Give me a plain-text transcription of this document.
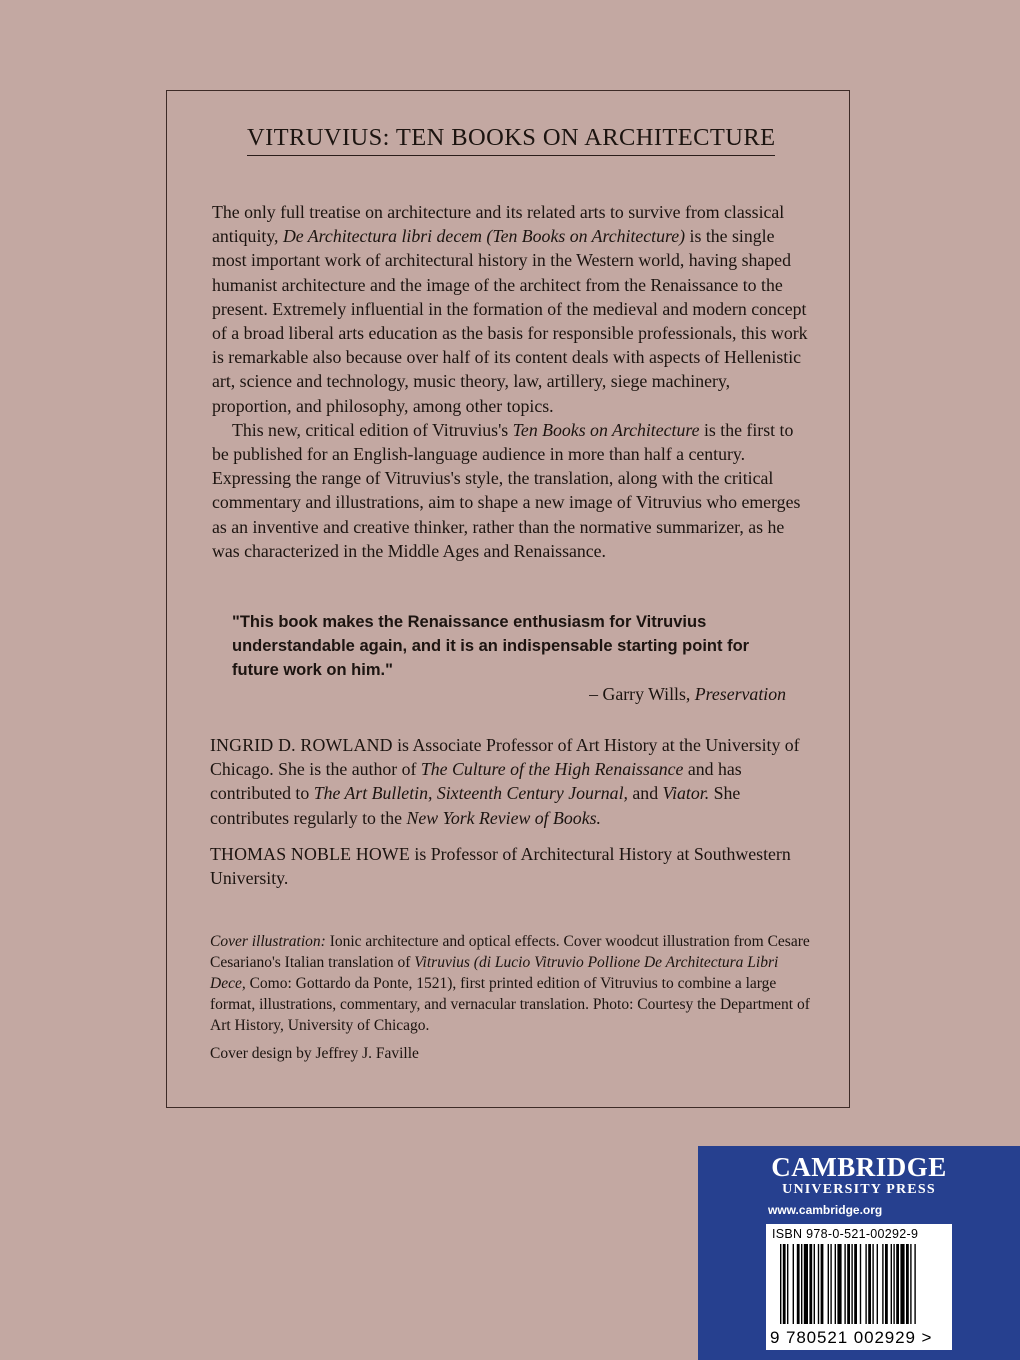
VITRUVIUS: TEN BOOKS ON ARCHITECTURE

The only full treatise on architecture and its related arts to survive from classical antiquity, De Architectura libri decem (Ten Books on Architecture) is the single most important work of architectural history in the Western world, having shaped humanist architecture and the image of the architect from the Renaissance to the present. Extremely influential in the formation of the medieval and modern concept of a broad liberal arts education as the basis for responsible professionals, this work is remarkable also because over half of its content deals with aspects of Hellenistic art, science and technology, music theory, law, artillery, siege machinery, proportion, and philosophy, among other topics.

This new, critical edition of Vitruvius's Ten Books on Architecture is the first to be published for an English-language audience in more than half a century. Expressing the range of Vitruvius's style, the translation, along with the critical commentary and illustrations, aim to shape a new image of Vitruvius who emerges as an inventive and creative thinker, rather than the normative summarizer, as he was characterized in the Middle Ages and Renaissance.

"This book makes the Renaissance enthusiasm for Vitruvius understandable again, and it is an indispensable starting point for future work on him."
– Garry Wills, Preservation
INGRID D. ROWLAND is Associate Professor of Art History at the University of Chicago. She is the author of The Culture of the High Renaissance and has contributed to The Art Bulletin, Sixteenth Century Journal, and Viator. She contributes regularly to the New York Review of Books.
THOMAS NOBLE HOWE is Professor of Architectural History at Southwestern University.
Cover illustration: Ionic architecture and optical effects. Cover woodcut illustration from Cesare Cesariano's Italian translation of Vitruvius (di Lucio Vitruvio Pollione De Architectura Libri Dece, Como: Gottardo da Ponte, 1521), first printed edition of Vitruvius to combine a large format, illustrations, commentary, and vernacular translation. Photo: Courtesy the Department of Art History, University of Chicago.
Cover design by Jeffrey J. Faville
CAMBRIDGE
UNIVERSITY PRESS
www.cambridge.org
ISBN 978-0-521-00292-9
9 780521 002929 >
